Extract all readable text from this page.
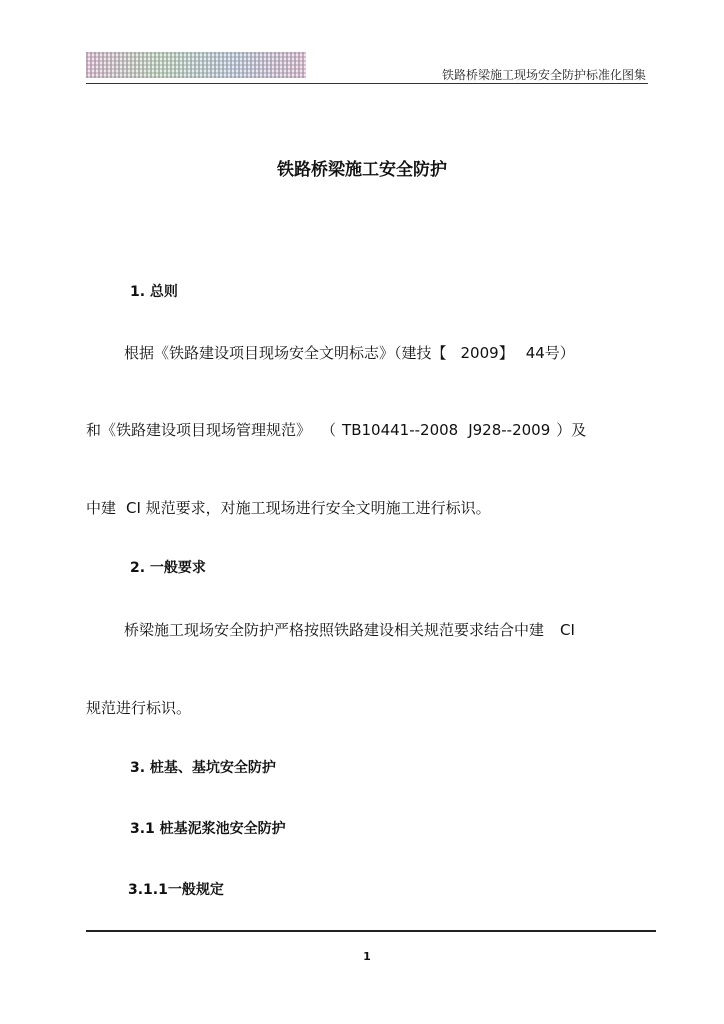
铁路桥梁施工现场安全防护标准化图集
铁路桥梁施工安全防护
1. 总则
根据《铁路建设项目现场安全文明标志》（建技【 2009】 44号）
和《铁路建设项目现场管理规范》 （ TB10441--2008 J928--2009 ）及
中建 CI 规范要求，对施工现场进行安全文明施工进行标识。
2. 一般要求
桥梁施工现场安全防护严格按照铁路建设相关规范要求结合中建 CI
规范进行标识。
3. 桩基、基坑安全防护
3.1 桩基泥浆池安全防护
3.1.1一般规定
1
